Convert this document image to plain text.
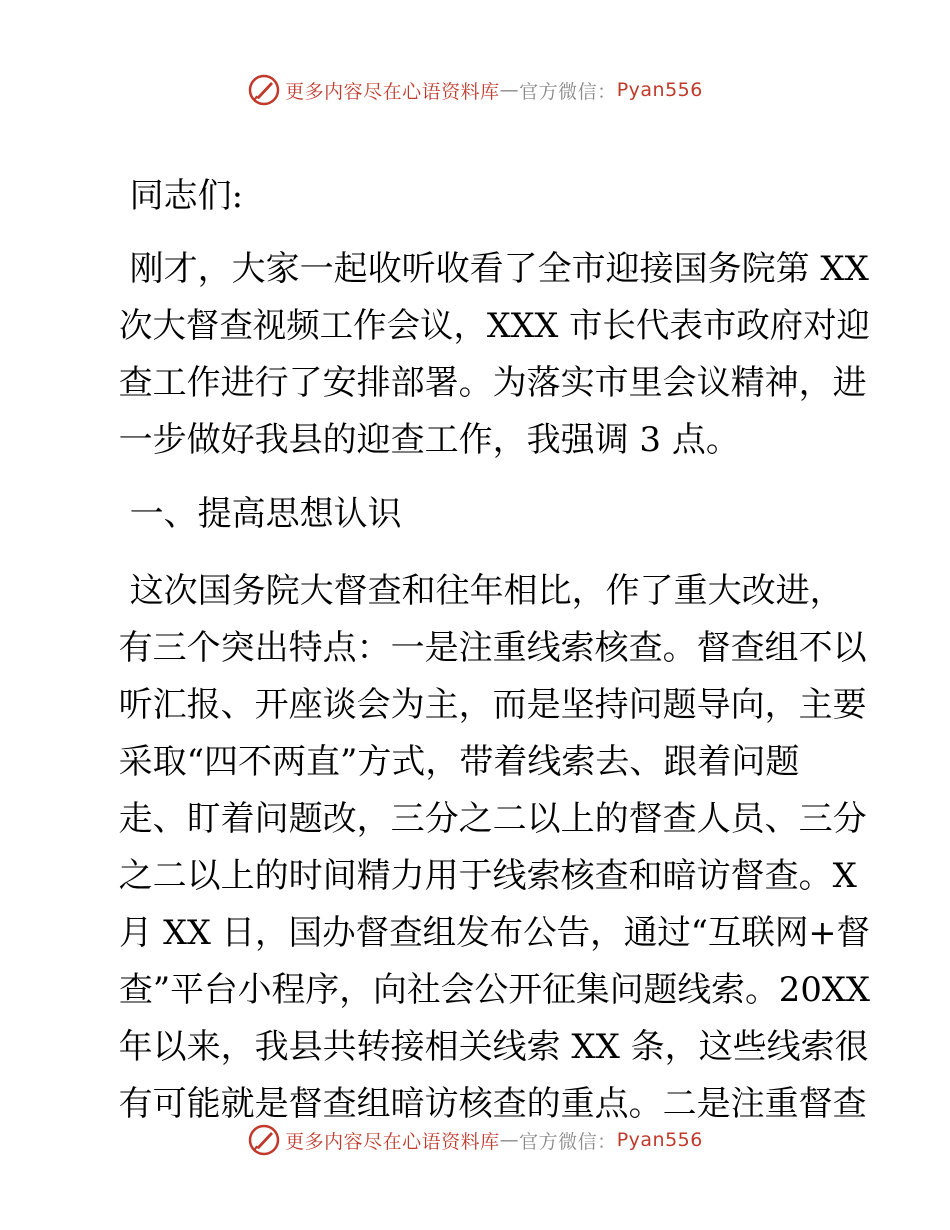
更多内容尽在心语资料库 — 官方微信： Pyan556

同志们:

刚才，大家一起收听收看了全市迎接国务院第 XX

次大督查视频工作会议，XXX 市长代表市政府对迎

查工作进行了安排部署。为落实市里会议精神，进

一步做好我县的迎查工作，我强调 3 点。

一、提高思想认识

这次国务院大督查和往年相比，作了重大改进，

有三个突出特点：一是注重线索核查。督查组不以

听汇报、开座谈会为主，而是坚持问题导向，主要

采取“四不两直”方式，带着线索去、跟着问题

走、盯着问题改，三分之二以上的督查人员、三分

之二以上的时间精力用于线索核查和暗访督查。X

月 XX 日，国办督查组发布公告，通过“互联网+督

查”平台小程序，向社会公开征集问题线索。20XX

年以来，我县共转接相关线索 XX 条，这些线索很

有可能就是督查组暗访核查的重点。二是注重督查

更多内容尽在心语资料库 — 官方微信： Pyan556
